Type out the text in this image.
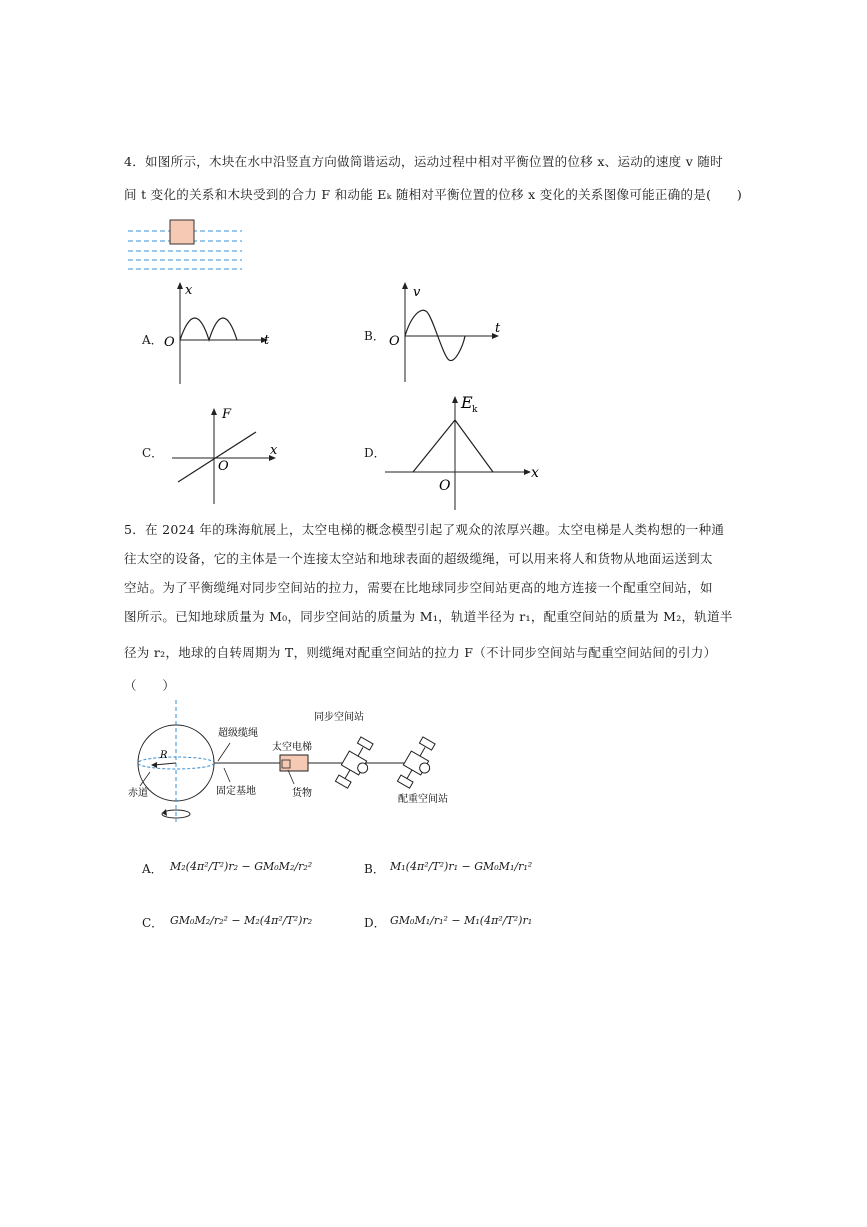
4．如图所示，木块在水中沿竖直方向做简谐运动，运动过程中相对平衡位置的位移 x、运动的速度 v 随时
间 t 变化的关系和木块受到的合力 F 和动能 Eₖ 随相对平衡位置的位移 x 变化的关系图像可能正确的是(　　)
A．
x
t
O	B．
v
t
O
C．
F
x
O
D．
E k
x
O
5．在 2024 年的珠海航展上，太空电梯的概念模型引起了观众的浓厚兴趣。太空电梯是人类构想的一种通
往太空的设备，它的主体是一个连接太空站和地球表面的超级缆绳，可以用来将人和货物从地面运送到太
空站。为了平衡缆绳对同步空间站的拉力，需要在比地球同步空间站更高的地方连接一个配重空间站，如
图所示。已知地球质量为 M₀，同步空间站的质量为 M₁，轨道半径为 r₁，配重空间站的质量为 M₂，轨道半
径为 r₂，地球的自转周期为 T，则缆绳对配重空间站的拉力 F（不计同步空间站与配重空间站间的引力）
（　　）
R
赤道
超级缆绳
固定基地
太空电梯
货物
同步空间站
配重空间站
A． M₂(4π²/T²)r₂ − GM₀M₂/r₂²	B． M₁(4π²/T²)r₁ − GM₀M₁/r₁²
C． GM₀M₂/r₂² − M₂(4π²/T²)r₂	D． GM₀M₁/r₁² − M₁(4π²/T²)r₁
